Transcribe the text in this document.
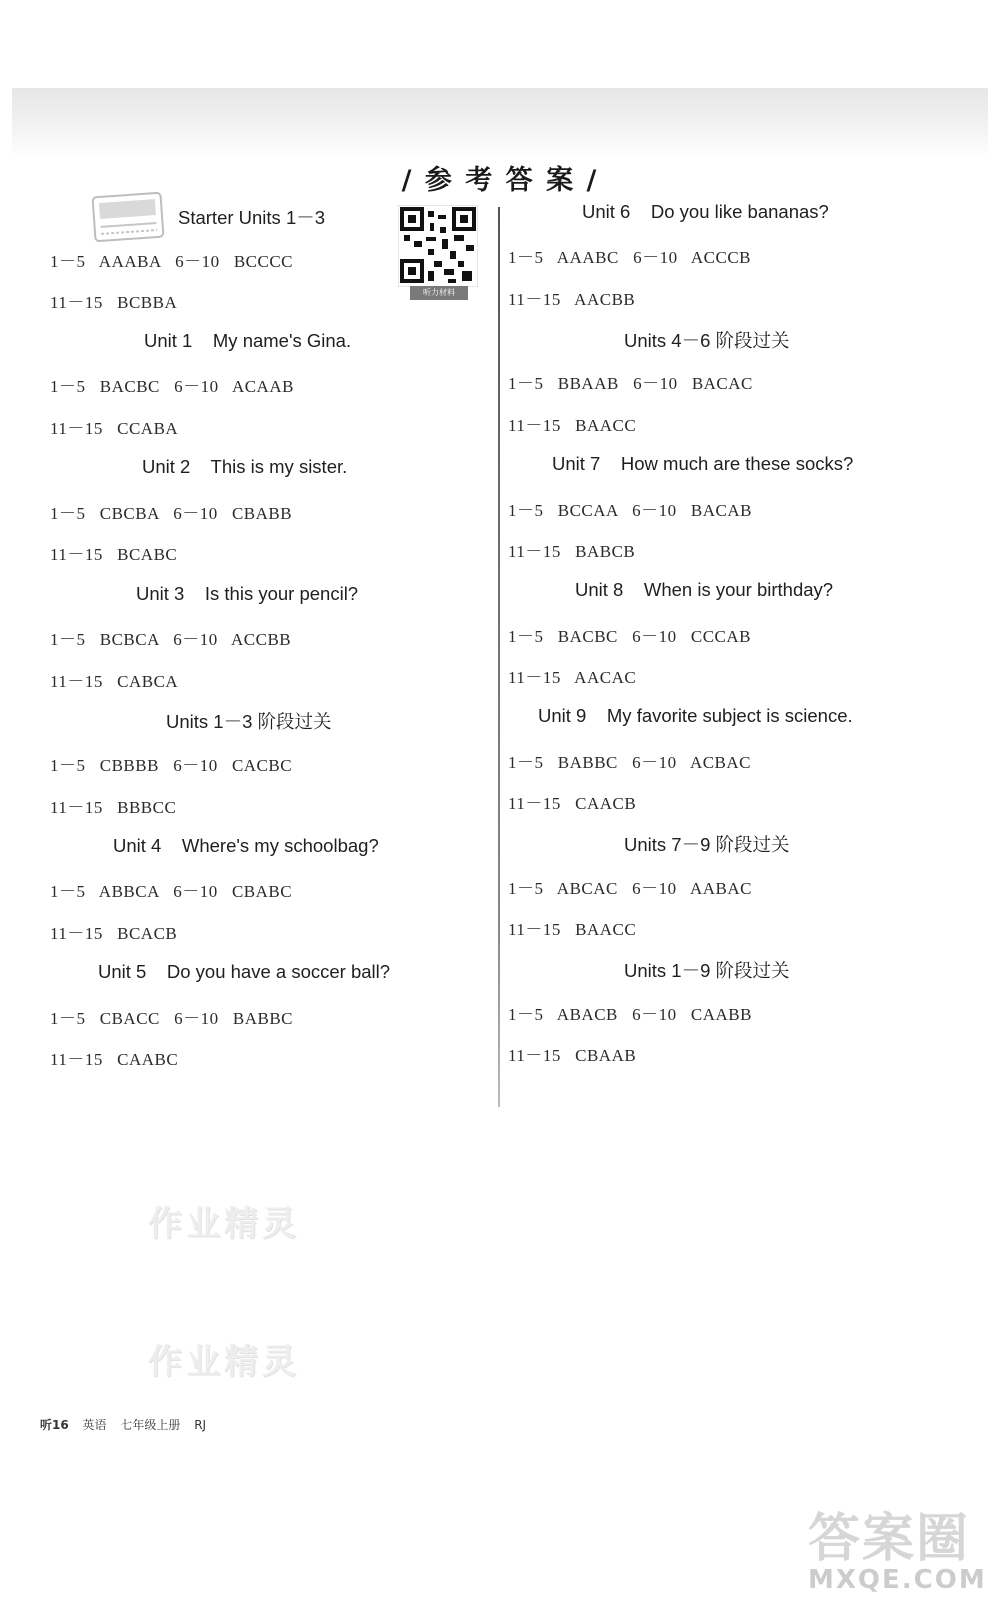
/ 参 考 答 案 /
听力材料
Starter Units 1－3
1－5   AAABA   6－10   BCCCC
11－15   BCBBA
Unit 1    My name's Gina.
1－5   BACBC   6－10   ACAAB
11－15   CCABA
Unit 2    This is my sister.
1－5   CBCBA   6－10   CBABB
11－15   BCABC
Unit 3    Is this your pencil?
1－5   BCBCA   6－10   ACCBB
11－15   CABCA
Units 1－3 阶段过关
1－5   CBBBB   6－10   CACBC
11－15   BBBCC
Unit 4    Where's my schoolbag?
1－5   ABBCA   6－10   CBABC
11－15   BCACB
Unit 5    Do you have a soccer ball?
1－5   CBACC   6－10   BABBC
11－15   CAABC
Unit 6    Do you like bananas?
1－5   AAABC   6－10   ACCCB
11－15   AACBB
Units 4－6 阶段过关
1－5   BBAAB   6－10   BACAC
11－15   BAACC
Unit 7    How much are these socks?
1－5   BCCAA   6－10   BACAB
11－15   BABCB
Unit 8    When is your birthday?
1－5   BACBC   6－10   CCCAB
11－15   AACAC
Unit 9    My favorite subject is science.
1－5   BABBC   6－10   ACBAC
11－15   CAACB
Units 7－9 阶段过关
1－5   ABCAC   6－10   AABAC
11－15   BAACC
Units 1－9 阶段过关
1－5   ABACB   6－10   CAABB
11－15   CBAAB
作业精灵
作业精灵
听16 英语 七年级上册 RJ
答案圈
MXQE.COM
